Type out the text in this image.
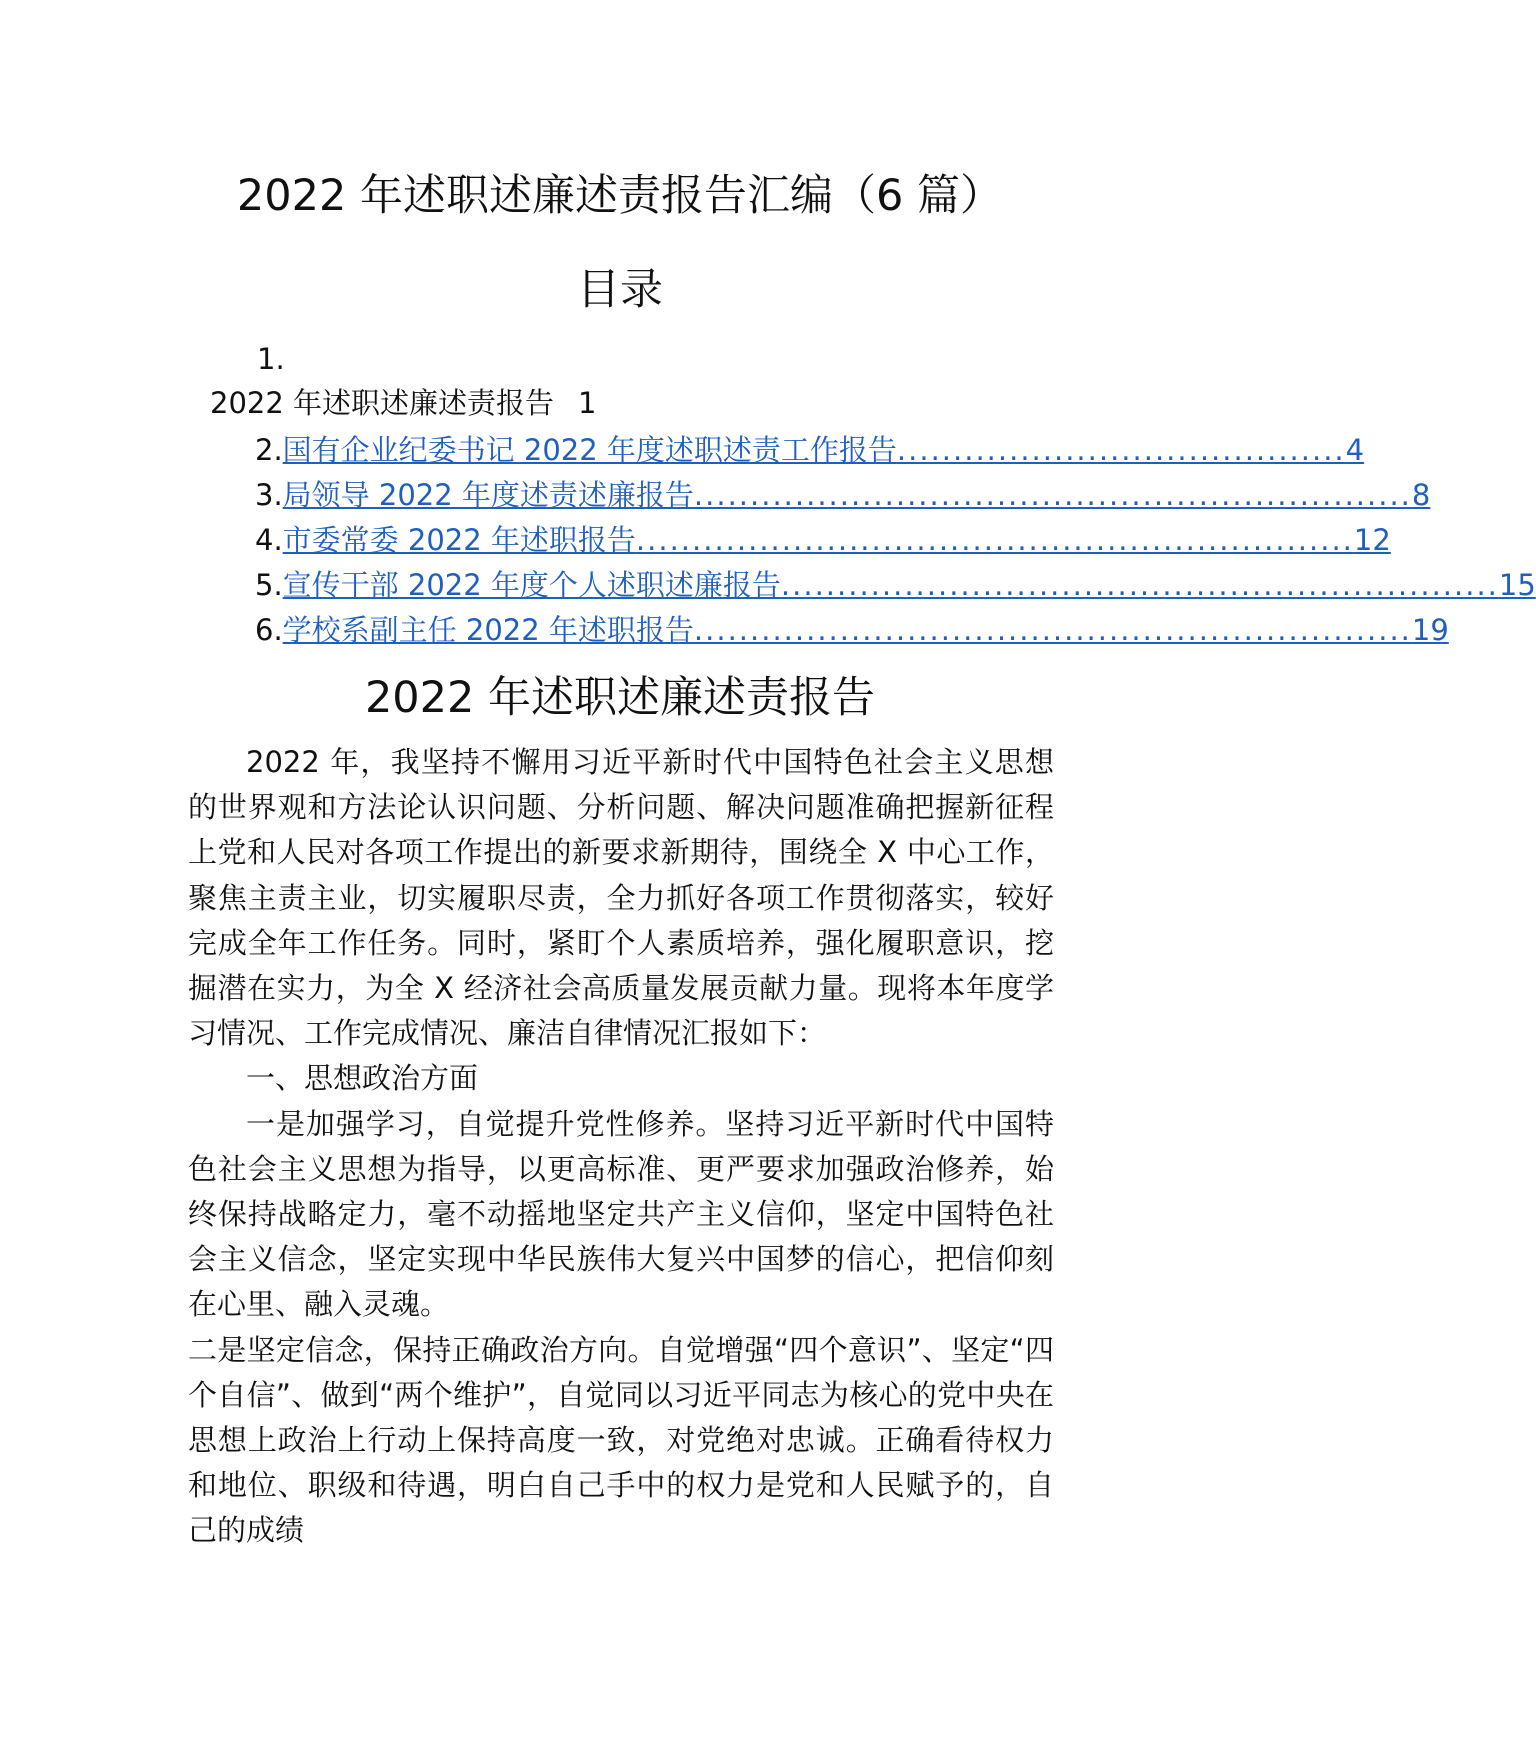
2022 年述职述廉述责报告汇编（6 篇）
目录
1.
2022 年述职述廉述责报告 1
2. 国有企业纪委书记 2022 年度述职述责工作报告 ........................................ 4
3. 局领导 2022 年度述责述廉报告 ................................................................ 8
4. 市委常委 2022 年述职报告 ................................................................ 12
5. 宣传干部 2022 年度个人述职述廉报告 ................................................................ 15
6. 学校系副主任 2022 年述职报告 ................................................................ 19
2022 年述职述廉述责报告

2022 年，我坚持不懈用习近平新时代中国特色社会主义思想的世界观和方法论认识问题、分析问题、解决问题准确把握新征程上党和人民对各项工作提出的新要求新期待，围绕全 X 中心工作，聚焦主责主业，切实履职尽责，全力抓好各项工作贯彻落实，较好完成全年工作任务。同时，紧盯个人素质培养，强化履职意识，挖掘潜在实力，为全 X 经济社会高质量发展贡献力量。现将本年度学习情况、工作完成情况、廉洁自律情况汇报如下：

一、思想政治方面

一是加强学习，自觉提升党性修养。坚持习近平新时代中国特色社会主义思想为指导，以更高标准、更严要求加强政治修养，始终保持战略定力，毫不动摇地坚定共产主义信仰，坚定中国特色社会主义信念，坚定实现中华民族伟大复兴中国梦的信心，把信仰刻在心里、融入灵魂。

二是坚定信念，保持正确政治方向。自觉增强“四个意识”、坚定“四个自信”、做到“两个维护”，自觉同以习近平同志为核心的党中央在思想上政治上行动上保持高度一致，对党绝对忠诚。正确看待权力和地位、职级和待遇，明白自己手中的权力是党和人民赋予的，自己的成绩
